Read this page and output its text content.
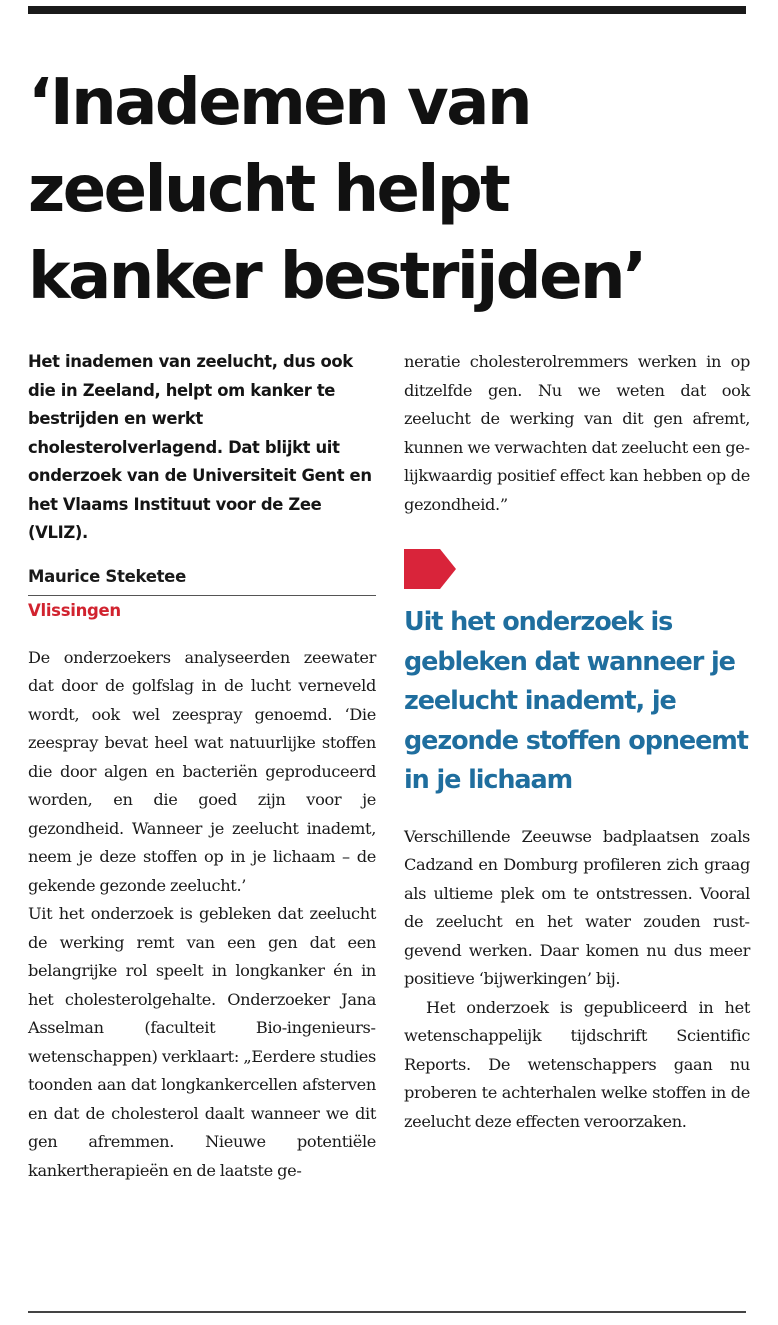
‘Inademen van
zeelucht helpt
kanker bestrijden’

Het inademen van zeelucht, dus ook die in Zeeland, helpt om kanker te bestrijden en werkt cholesterolverlagend. Dat blijkt uit onderzoek van de Universiteit Gent en het Vlaams Instituut voor de Zee (VLIZ).

Maurice Steketee
Vlissingen

De onderzoekers analyseerden zeewater dat door de golfslag in de lucht verneveld wordt, ook wel zeespray genoemd. ‘Die zeespray bevat heel wat natuurlijke stoffen die door algen en bacteriën geproduceerd worden, en die goed zijn voor je gezondheid. Wanneer je zeelucht inademt, neem je deze stoffen op in je lichaam – de gekende gezonde zeelucht.’

Uit het onderzoek is gebleken dat zeelucht de werking remt van een gen dat een belangrijke rol speelt in longkanker én in het cholesterolgehalte. Onderzoeker Jana Asselman (faculteit Bio-ingenieurswetenschappen) verklaart: „Eerdere studies toonden aan dat longkankercellen afsterven en dat de cholesterol daalt wanneer we dit gen afremmen. Nieuwe potentiële kankertherapieën en de laatste ge-

neratie cholesterolremmers werken in op ditzelfde gen. Nu we weten dat ook zeelucht de werking van dit gen afremt, kunnen we verwachten dat zeelucht een gelijkwaardig positief effect kan hebben op de gezondheid.”

Uit het onderzoek is gebleken dat wanneer je zeelucht inademt, je gezonde stoffen opneemt in je lichaam

Verschillende Zeeuwse badplaatsen zoals Cadzand en Domburg profileren zich graag als ultieme plek om te ontstressen. Vooral de zeelucht en het water zouden rustgevend werken. Daar komen nu dus meer positieve ‘bijwerkingen’ bij.

Het onderzoek is gepubliceerd in het wetenschappelijk tijdschrift Scientific Reports. De wetenschappers gaan nu proberen te achterhalen welke stoffen in de zeelucht deze effecten veroorzaken.
